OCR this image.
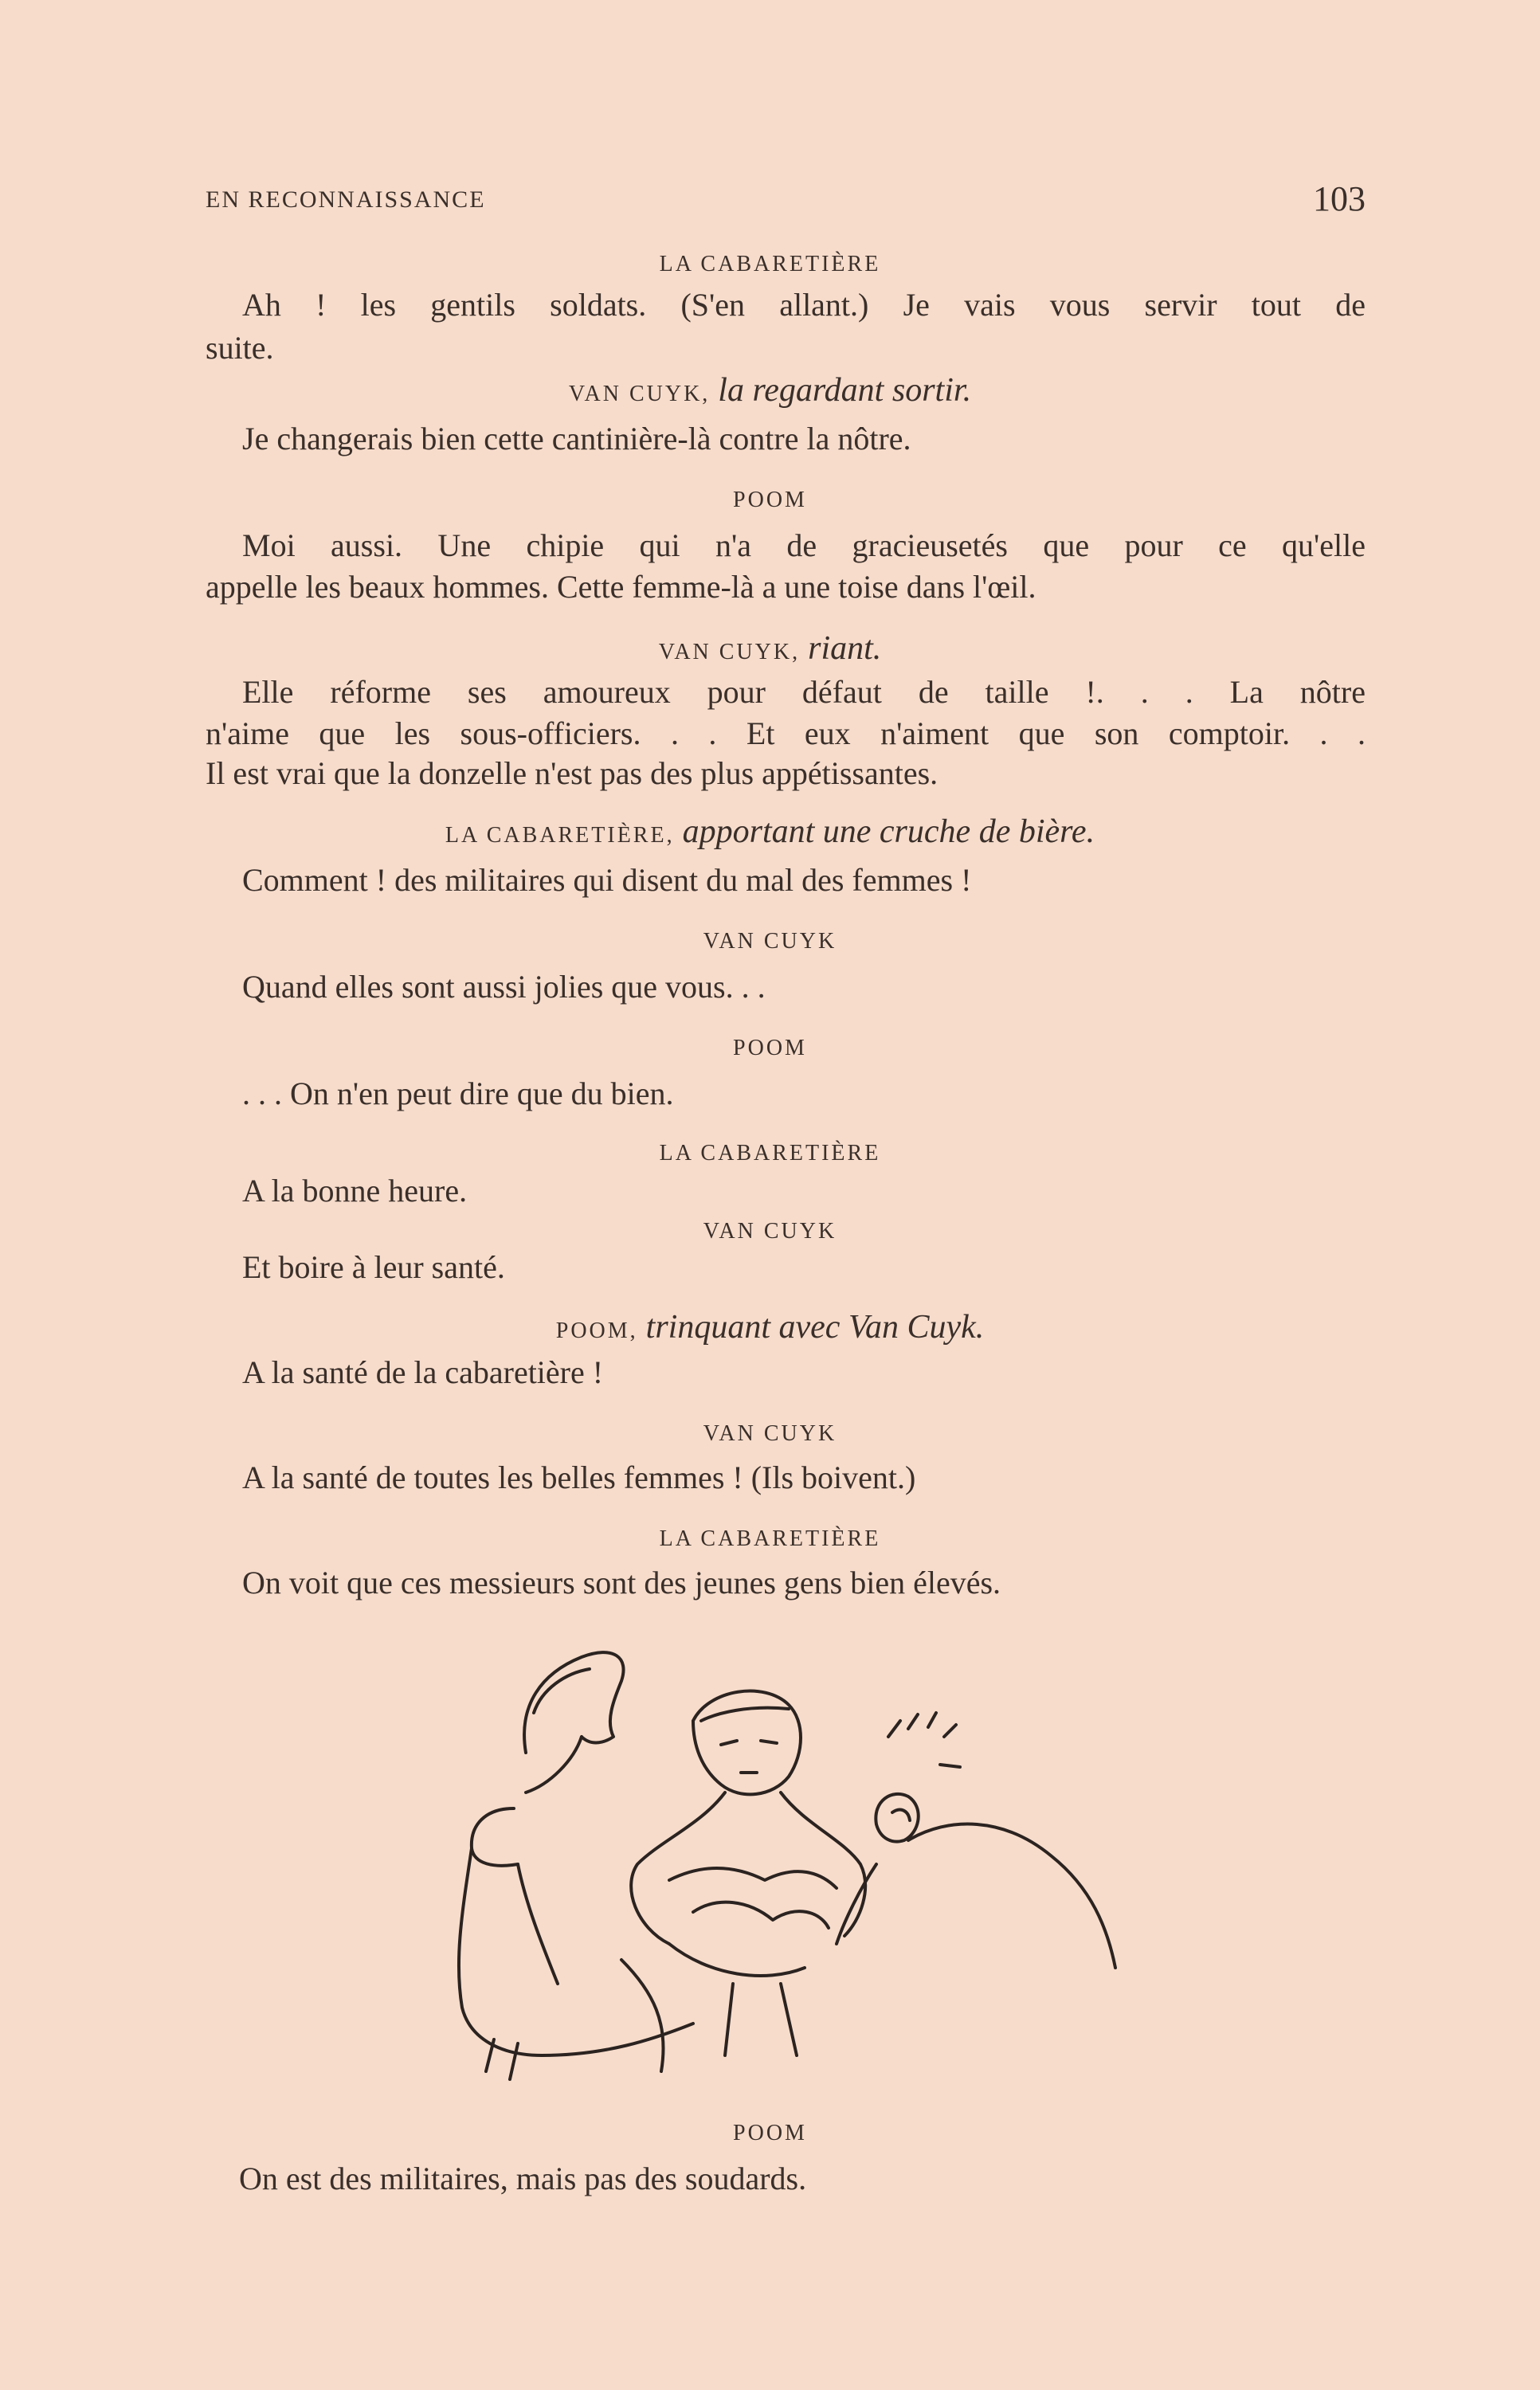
EN RECONNAISSANCE	103
LA CABARETIÈRE
Ah ! les gentils soldats. (S'en allant.) Je vais vous servir tout de
suite.
VAN CUYK, la regardant sortir.
Je changerais bien cette cantinière-là contre la nôtre.
POOM
Moi aussi. Une chipie qui n'a de gracieusetés que pour ce qu'elle
appelle les beaux hommes. Cette femme-là a une toise dans l'œil.
VAN CUYK, riant.
Elle réforme ses amoureux pour défaut de taille !. . . La nôtre
n'aime que les sous-officiers. . . Et eux n'aiment que son comptoir. . .
Il est vrai que la donzelle n'est pas des plus appétissantes.
LA CABARETIÈRE, apportant une cruche de bière.
Comment ! des militaires qui disent du mal des femmes !
VAN CUYK
Quand elles sont aussi jolies que vous. . .
POOM
. . . On n'en peut dire que du bien.
LA CABARETIÈRE
A la bonne heure.
VAN CUYK
Et boire à leur santé.
POOM, trinquant avec Van Cuyk.
A la santé de la cabaretière !
VAN CUYK
A la santé de toutes les belles femmes ! (Ils boivent.)
LA CABARETIÈRE
On voit que ces messieurs sont des jeunes gens bien élevés.
POOM
On est des militaires, mais pas des soudards.
